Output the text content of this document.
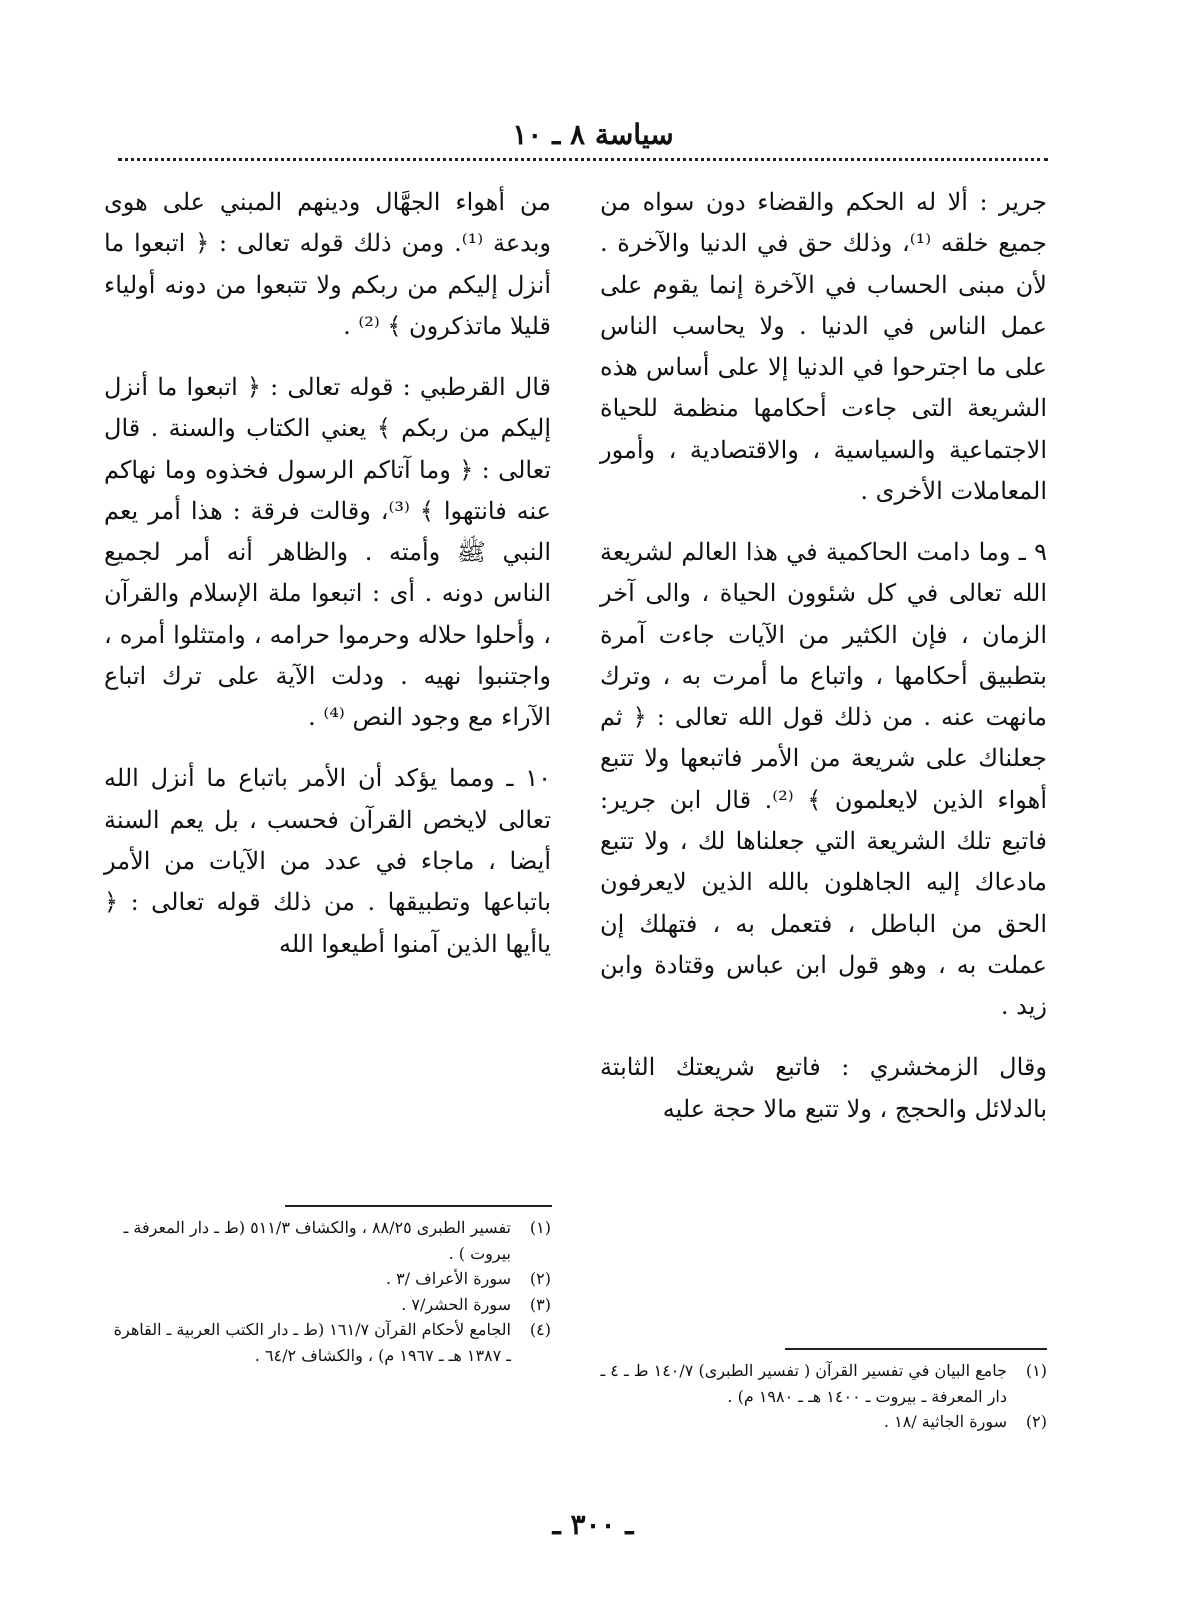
سياسة ٨ ـ ١٠

جرير : ألا له الحكم والقضاء دون سواه من جميع خلقه ⁽¹⁾، وذلك حق في الدنيا والآخرة . لأن مبنى الحساب في الآخرة إنما يقوم على عمل الناس في الدنيا . ولا يحاسب الناس على ما اجترحوا في الدنيا إلا على أساس هذه الشريعة التى جاءت أحكامها منظمة للحياة الاجتماعية والسياسية ، والاقتصادية ، وأمور المعاملات الأخرى .

٩ ـ وما دامت الحاكمية في هذا العالم لشريعة الله تعالى في كل شئوون الحياة ، والى آخر الزمان ، فإن الكثير من الآيات جاءت آمرة بتطبيق أحكامها ، واتباع ما أمرت به ، وترك مانهت عنه . من ذلك قول الله تعالى : ﴿ ثم جعلناك على شريعة من الأمر فاتبعها ولا تتبع أهواء الذين لايعلمون ﴾ ⁽²⁾. قال ابن جرير: فاتبع تلك الشريعة التي جعلناها لك ، ولا تتبع مادعاك إليه الجاهلون بالله الذين لايعرفون الحق من الباطل ، فتعمل به ، فتهلك إن عملت به ، وهو قول ابن عباس وقتادة وابن زيد .

وقال الزمخشري : فاتبع شريعتك الثابتة بالدلائل والحجج ، ولا تتبع مالا حجة عليه

من أهواء الجهَّال ودينهم المبني على هوى وبدعة ⁽¹⁾. ومن ذلك قوله تعالى : ﴿ اتبعوا ما أنزل إليكم من ربكم ولا تتبعوا من دونه أولياء قليلا ماتذكرون ﴾ ⁽²⁾ .

قال القرطبي : قوله تعالى : ﴿ اتبعوا ما أنزل إليكم من ربكم ﴾ يعني الكتاب والسنة . قال تعالى : ﴿ وما آتاكم الرسول فخذوه وما نهاكم عنه فانتهوا ﴾ ⁽³⁾، وقالت فرقة : هذا أمر يعم النبي ﷺ وأمته . والظاهر أنه أمر لجميع الناس دونه . أى : اتبعوا ملة الإسلام والقرآن ، وأحلوا حلاله وحرموا حرامه ، وامتثلوا أمره ، واجتنبوا نهيه . ودلت الآية على ترك اتباع الآراء مع وجود النص ⁽⁴⁾ .

١٠ ـ ومما يؤكد أن الأمر باتباع ما أنزل الله تعالى لايخص القرآن فحسب ، بل يعم السنة أيضا ، ماجاء في عدد من الآيات من الأمر باتباعها وتطبيقها . من ذلك قوله تعالى : ﴿ ياأيها الذين آمنوا أطيعوا الله

(١)تفسير الطبرى ٨٨/٢٥ ، والكشاف ٥١١/٣ (ط ـ دار المعرفة ـ بيروت ) .

(٢)سورة الأعراف /٣ .

(٣)سورة الحشر/٧ .

(٤)الجامع لأحكام القرآن ١٦١/٧ (ط ـ دار الكتب العربية ـ القاهرة ـ ١٣٨٧ هـ ـ ١٩٦٧ م) ، والكشاف ٦٤/٢ .

(١)جامع البيان في تفسير القرآن ( تفسير الطبرى) ١٤٠/٧ ط ـ ٤ ـ دار المعرفة ـ بيروت ـ ١٤٠٠ هـ ـ ١٩٨٠ م) .

(٢)سورة الجاثية /١٨ .

ـ ٣٠٠ ـ
